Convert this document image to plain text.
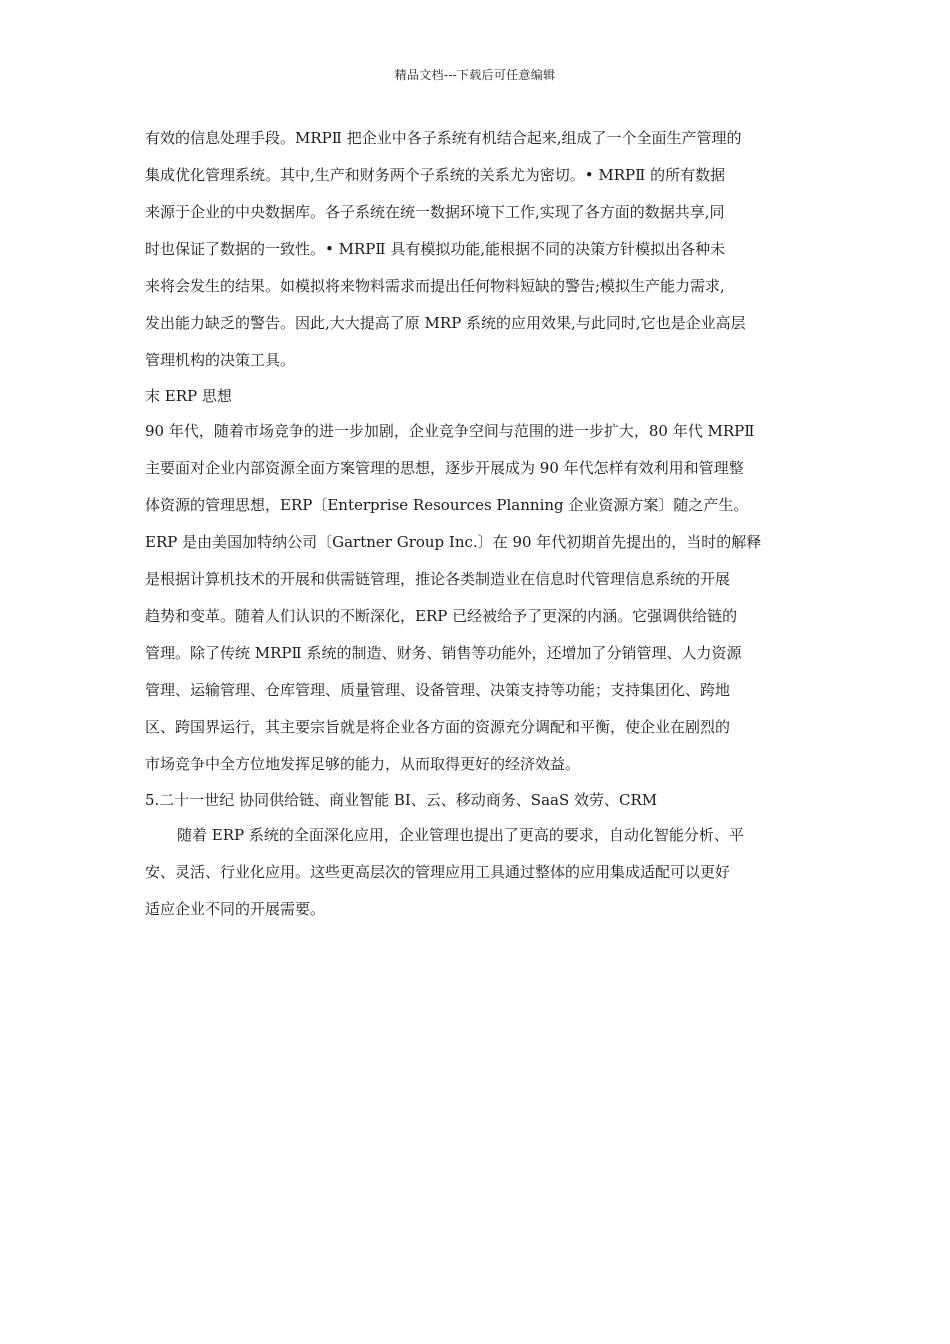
精品文档---下载后可任意编辑
有效的信息处理手段。MRPⅡ 把企业中各子系统有机结合起来,组成了一个全面生产管理的
集成优化管理系统。其中,生产和财务两个子系统的关系尤为密切。• MRPⅡ 的所有数据
来源于企业的中央数据库。各子系统在统一数据环境下工作,实现了各方面的数据共享,同
时也保证了数据的一致性。• MRPⅡ 具有模拟功能,能根据不同的决策方针模拟出各种未
来将会发生的结果。如模拟将来物料需求而提出任何物料短缺的警告;模拟生产能力需求,
发出能力缺乏的警告。因此,大大提高了原 MRP 系统的应用效果,与此同时,它也是企业高层
管理机构的决策工具。
末 ERP 思想
90 年代，随着市场竞争的进一步加剧，企业竞争空间与范围的进一步扩大，80 年代 MRPⅡ
主要面对企业内部资源全面方案管理的思想，逐步开展成为 90 年代怎样有效利用和管理整
体资源的管理思想，ERP〔Enterprise Resources Planning 企业资源方案〕随之产生。
ERP 是由美国加特纳公司〔Gartner Group Inc.〕在 90 年代初期首先提出的，当时的解释
是根据计算机技术的开展和供需链管理，推论各类制造业在信息时代管理信息系统的开展
趋势和变革。随着人们认识的不断深化，ERP 已经被给予了更深的内涵。它强调供给链的
管理。除了传统 MRPⅡ 系统的制造、财务、销售等功能外，还增加了分销管理、人力资源
管理、运输管理、仓库管理、质量管理、设备管理、决策支持等功能；支持集团化、跨地
区、跨国界运行，其主要宗旨就是将企业各方面的资源充分调配和平衡，使企业在剧烈的
市场竞争中全方位地发挥足够的能力，从而取得更好的经济效益。
5.二十一世纪 协同供给链、商业智能 BI、云、移动商务、SaaS 效劳、CRM
随着 ERP 系统的全面深化应用，企业管理也提出了更高的要求，自动化智能分析、平
安、灵活、行业化应用。这些更高层次的管理应用工具通过整体的应用集成适配可以更好
适应企业不同的开展需要。
